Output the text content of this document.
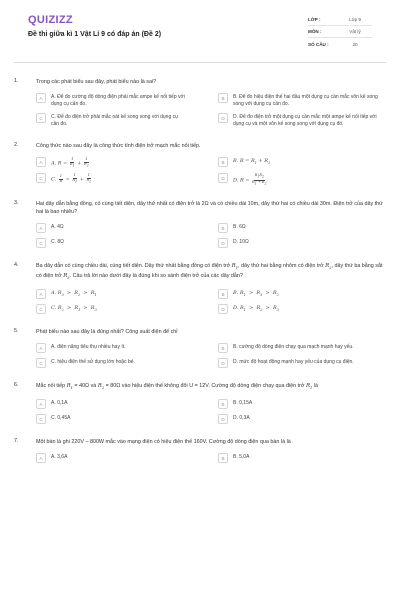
QUIZIZZ
Đề thi giữa kì 1 Vật Lí 9 có đáp án (Đề 2)
LỚP :	Lớp 9
MÔN :	Vật lý
SỐ CÂU :	20
1.	Trong các phát biểu sau đây, phát biểu nào là sai?
A	A. Để đo cường độ dòng điện phải mắc ampe kế nối tiếp với dụng cụ cần đo.
B	B. Để đo hiệu điện thế hai đầu một dụng cụ cần mắc vôn kế song song với dụng cụ cần đo.
C	C. Để đo điện trở phải mắc oát kế song song với dụng cụ cần đo.
D	D. Để đo điện trở một dụng cụ cần mắc một ampe kế nối tiếp với dụng cụ và một vôn kế song song với dụng cụ đó.
2.	Công thức nào sau đây là công thức tính điện trở mạch mắc nối tiếp.
A	A. $R = \frac{1}{R_1} + \frac{1}{R_2}$	B	B. $R = R_1 + R_2$
C	C. $\frac{1}{R} = \frac{1}{R_1} + \frac{1}{R_2}$	D	D. $R = \frac{R_1R_2}{R_1 + R_2}$
3.	Hai dây dẫn bằng đồng, có cùng tiết diện, dây thứ nhất có điện trở là 2Ω và có chiều dài 10m, dây thứ hai có chiều dài 30m. Điện trở của dây thứ hai là bao nhiêu?
A	A. 4Ω	B	B. 6Ω
C	C. 8Ω	D	D. 10Ω
4.	Ba dây dẫn có cùng chiều dài, cùng tiết diện. Dây thứ nhất bằng đồng có điện trở $R_1$, dây thứ hai bằng nhôm có điện trở $R_2$, dây thứ ba bằng sắt có điện trở $R_3$. Câu trả lời nào dưới đây là đúng khi so sánh điện trở của các dây dẫn?
A	A. $R_3 > R_2 > R_1$	B	B. $R_1 > R_3 > R_2$
C	C. $R_2 > R_1 > R_3$	D	D. $R_1 > R_2 > R_3$
5.	Phát biểu nào sau đây là đúng nhất? Công suất điện để chỉ
A	A. điện năng tiêu thụ nhiều hay ít.	B	B. cường độ dòng điện chạy qua mạch mạnh hay yếu.
C	C. hiệu điện thế sử dụng lớn hoặc bé.	D	D. mức độ hoạt động mạnh hay yếu của dụng cụ điện.
6.	Mắc nối tiếp $R_1 = 40\Omega$ và $R_2 = 80\Omega$ vào hiệu điện thế không đổi U = 12V. Cường độ dòng điện chạy qua điện trở $R_1$ là
A	A. 0,1A	B	B. 0,15A
C	C. 0,45A	D	D. 0,3A
7.	Một bàn là ghi 220V – 800W mắc vào mạng điện có hiệu điện thế 160V. Cường độ dòng điện qua bàn là là
A	A. 3,6A	B	B. 5,0A
